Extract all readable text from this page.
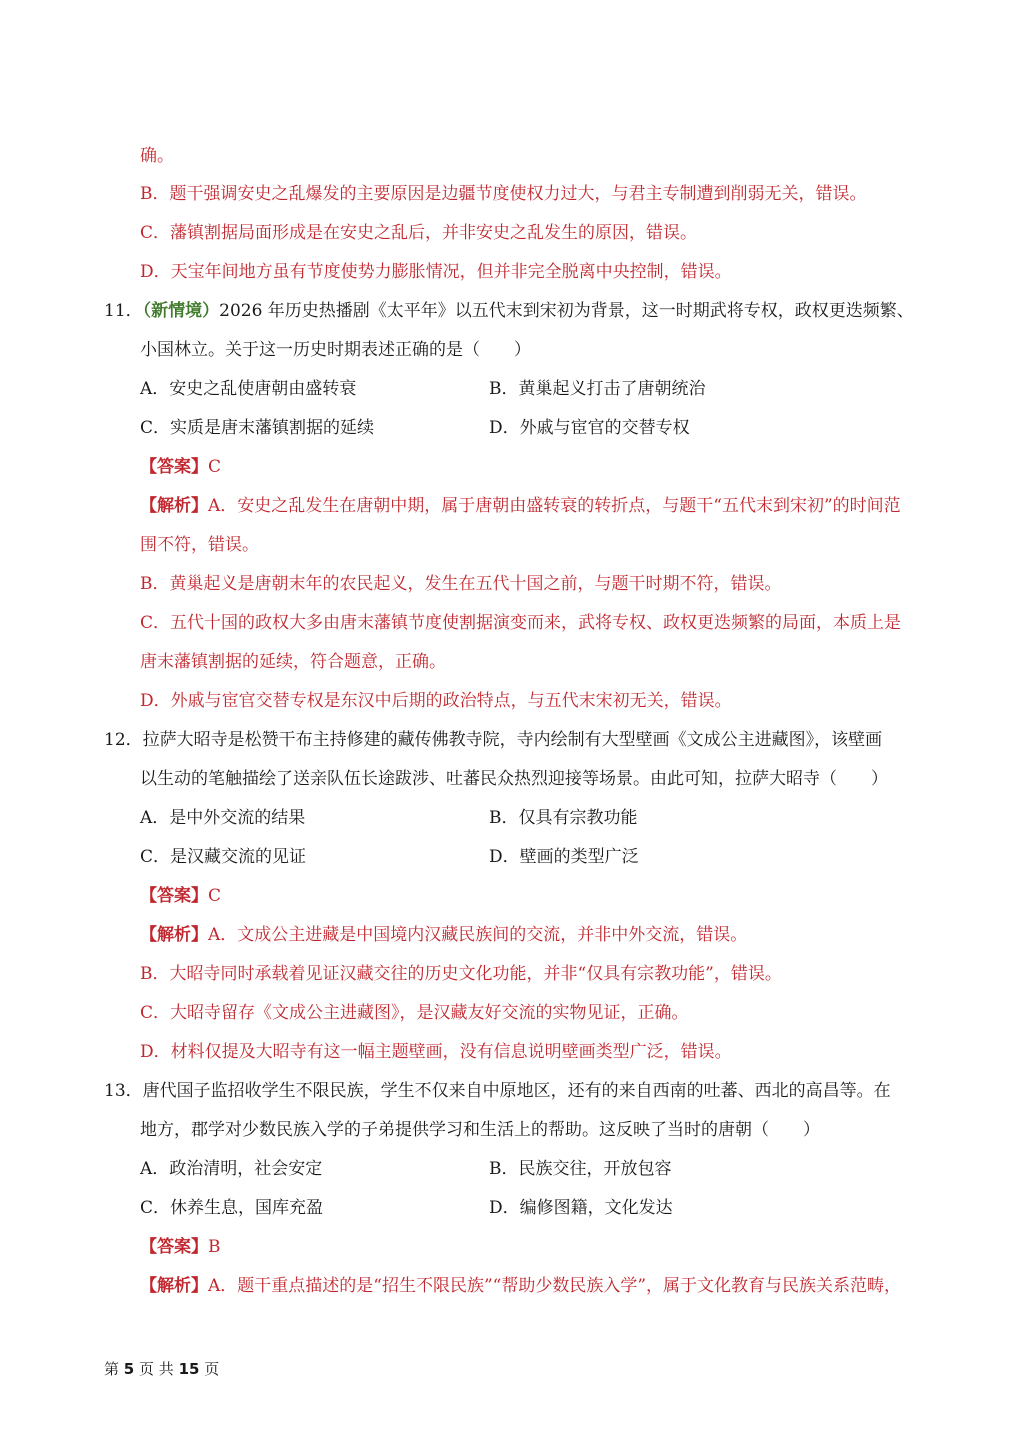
确。
B．题干强调安史之乱爆发的主要原因是边疆节度使权力过大，与君主专制遭到削弱无关，错误。
C．藩镇割据局面形成是在安史之乱后，并非安史之乱发生的原因，错误。
D．天宝年间地方虽有节度使势力膨胀情况，但并非完全脱离中央控制，错误。
11．（新情境）2026 年历史热播剧《太平年》以五代末到宋初为背景，这一时期武将专权，政权更迭频繁、
小国林立。关于这一历史时期表述正确的是（　　）
A．安史之乱使唐朝由盛转衰	B．黄巢起义打击了唐朝统治
C．实质是唐末藩镇割据的延续	D．外戚与宦官的交替专权
【答案】C
【解析】A．安史之乱发生在唐朝中期，属于唐朝由盛转衰的转折点，与题干“五代末到宋初”的时间范
围不符，错误。
B．黄巢起义是唐朝末年的农民起义，发生在五代十国之前，与题干时期不符，错误。
C．五代十国的政权大多由唐末藩镇节度使割据演变而来，武将专权、政权更迭频繁的局面，本质上是
唐末藩镇割据的延续，符合题意，正确。
D．外戚与宦官交替专权是东汉中后期的政治特点，与五代末宋初无关，错误。
12．拉萨大昭寺是松赞干布主持修建的藏传佛教寺院，寺内绘制有大型壁画《文成公主进藏图》，该壁画
以生动的笔触描绘了送亲队伍长途跋涉、吐蕃民众热烈迎接等场景。由此可知，拉萨大昭寺（　　）
A．是中外交流的结果	B．仅具有宗教功能
C．是汉藏交流的见证	D．壁画的类型广泛
【答案】C
【解析】A．文成公主进藏是中国境内汉藏民族间的交流，并非中外交流，错误。
B．大昭寺同时承载着见证汉藏交往的历史文化功能，并非“仅具有宗教功能”，错误。
C．大昭寺留存《文成公主进藏图》，是汉藏友好交流的实物见证，正确。
D．材料仅提及大昭寺有这一幅主题壁画，没有信息说明壁画类型广泛，错误。
13．唐代国子监招收学生不限民族，学生不仅来自中原地区，还有的来自西南的吐蕃、西北的高昌等。在
地方，郡学对少数民族入学的子弟提供学习和生活上的帮助。这反映了当时的唐朝（　　）
A．政治清明，社会安定	B．民族交往，开放包容
C．休养生息，国库充盈	D．编修图籍，文化发达
【答案】B
【解析】A．题干重点描述的是“招生不限民族”“帮助少数民族入学”，属于文化教育与民族关系范畴，
第 5 页 共 15 页
